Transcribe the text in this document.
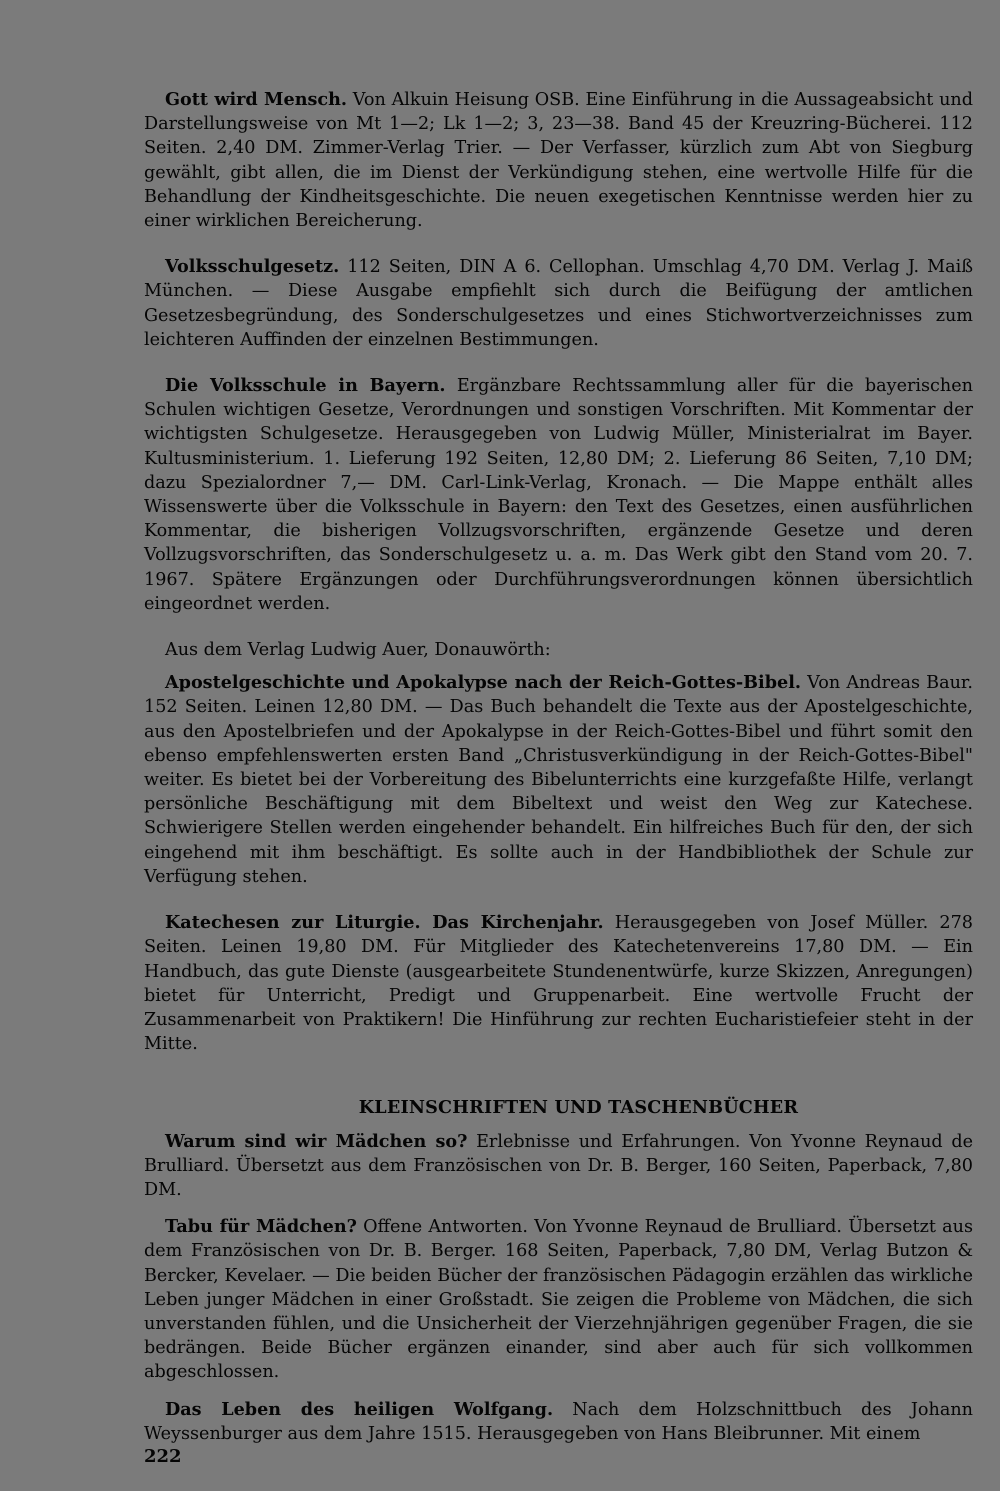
Gott wird Mensch. Von Alkuin Heisung OSB. Eine Einführung in die Aussageabsicht und Darstellungsweise von Mt 1—2; Lk 1—2; 3, 23—38. Band 45 der Kreuzring-Bücherei. 112 Seiten. 2,40 DM. Zimmer-Verlag Trier. — Der Verfasser, kürzlich zum Abt von Siegburg gewählt, gibt allen, die im Dienst der Verkündigung stehen, eine wertvolle Hilfe für die Behandlung der Kindheitsgeschichte. Die neuen exegetischen Kenntnisse werden hier zu einer wirklichen Bereicherung.

Volksschulgesetz. 112 Seiten, DIN A 6. Cellophan. Umschlag 4,70 DM. Verlag J. Maiß München. — Diese Ausgabe empfiehlt sich durch die Beifügung der amtlichen Gesetzesbegründung, des Sonderschulgesetzes und eines Stichwortverzeichnisses zum leichteren Auffinden der einzelnen Bestimmungen.

Die Volksschule in Bayern. Ergänzbare Rechtssammlung aller für die bayerischen Schulen wichtigen Gesetze, Verordnungen und sonstigen Vorschriften. Mit Kommentar der wichtigsten Schulgesetze. Herausgegeben von Ludwig Müller, Ministerialrat im Bayer. Kultusministerium. 1. Lieferung 192 Seiten, 12,80 DM; 2. Lieferung 86 Seiten, 7,10 DM; dazu Spezialordner 7,— DM. Carl-Link-Verlag, Kronach. — Die Mappe enthält alles Wissenswerte über die Volksschule in Bayern: den Text des Gesetzes, einen ausführlichen Kommentar, die bisherigen Vollzugsvorschriften, ergänzende Gesetze und deren Vollzugsvorschriften, das Sonderschulgesetz u. a. m. Das Werk gibt den Stand vom 20. 7. 1967. Spätere Ergänzungen oder Durchführungsverordnungen können übersichtlich eingeordnet werden.

Aus dem Verlag Ludwig Auer, Donauwörth:

Apostelgeschichte und Apokalypse nach der Reich-Gottes-Bibel. Von Andreas Baur. 152 Seiten. Leinen 12,80 DM. — Das Buch behandelt die Texte aus der Apostelgeschichte, aus den Apostelbriefen und der Apokalypse in der Reich-Gottes-Bibel und führt somit den ebenso empfehlenswerten ersten Band „Christusverkündigung in der Reich-Gottes-Bibel" weiter. Es bietet bei der Vorbereitung des Bibelunterrichts eine kurzgefaßte Hilfe, verlangt persönliche Beschäftigung mit dem Bibeltext und weist den Weg zur Katechese. Schwierigere Stellen werden eingehender behandelt. Ein hilfreiches Buch für den, der sich eingehend mit ihm beschäftigt. Es sollte auch in der Handbibliothek der Schule zur Verfügung stehen.

Katechesen zur Liturgie. Das Kirchenjahr. Herausgegeben von Josef Müller. 278 Seiten. Leinen 19,80 DM. Für Mitglieder des Katechetenvereins 17,80 DM. — Ein Handbuch, das gute Dienste (ausgearbeitete Stundenentwürfe, kurze Skizzen, Anregungen) bietet für Unterricht, Predigt und Gruppenarbeit. Eine wertvolle Frucht der Zusammenarbeit von Praktikern! Die Hinführung zur rechten Eucharistiefeier steht in der Mitte.

KLEINSCHRIFTEN UND TASCHENBÜCHER

Warum sind wir Mädchen so? Erlebnisse und Erfahrungen. Von Yvonne Reynaud de Brulliard. Übersetzt aus dem Französischen von Dr. B. Berger, 160 Seiten, Paperback, 7,80 DM.

Tabu für Mädchen? Offene Antworten. Von Yvonne Reynaud de Brulliard. Übersetzt aus dem Französischen von Dr. B. Berger. 168 Seiten, Paperback, 7,80 DM, Verlag Butzon & Bercker, Kevelaer. — Die beiden Bücher der französischen Pädagogin erzählen das wirkliche Leben junger Mädchen in einer Großstadt. Sie zeigen die Probleme von Mädchen, die sich unverstanden fühlen, und die Unsicherheit der Vierzehnjährigen gegenüber Fragen, die sie bedrängen. Beide Bücher ergänzen einander, sind aber auch für sich vollkommen abgeschlossen.

Das Leben des heiligen Wolfgang. Nach dem Holzschnittbuch des Johann Weyssenburger aus dem Jahre 1515. Herausgegeben von Hans Bleibrunner. Mit einem

222
